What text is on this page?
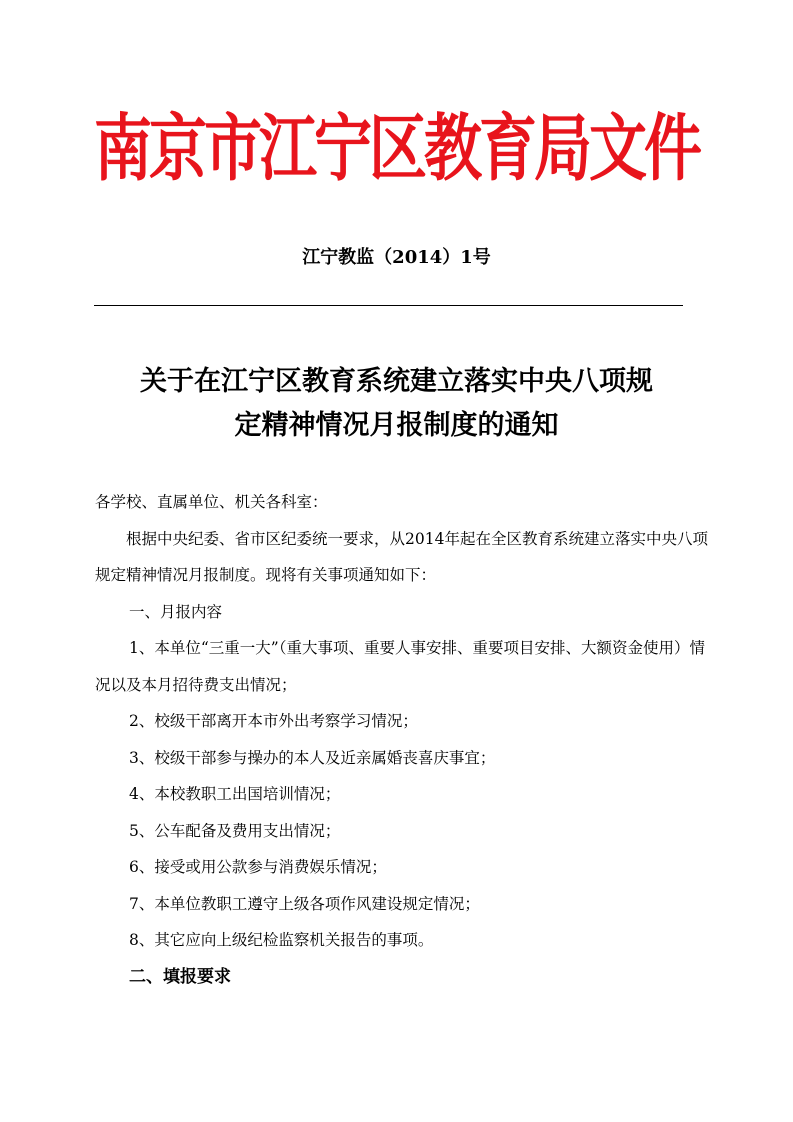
南京市江宁区教育局文件
江宁教监（2014）1号
关于在江宁区教育系统建立落实中央八项规
定精神情况月报制度的通知

各学校、直属单位、机关各科室：

根据中央纪委、省市区纪委统一要求，从2014年起在全区教育系统建立落实中央八项规定精神情况月报制度。现将有关事项通知如下：

一、月报内容

1、本单位“三重一大”（重大事项、重要人事安排、重要项目安排、大额资金使用）情况以及本月招待费支出情况；

2、校级干部离开本市外出考察学习情况；

3、校级干部参与操办的本人及近亲属婚丧喜庆事宜；

4、本校教职工出国培训情况；

5、公车配备及费用支出情况；

6、接受或用公款参与消费娱乐情况；

7、本单位教职工遵守上级各项作风建设规定情况；

8、其它应向上级纪检监察机关报告的事项。

二、填报要求
